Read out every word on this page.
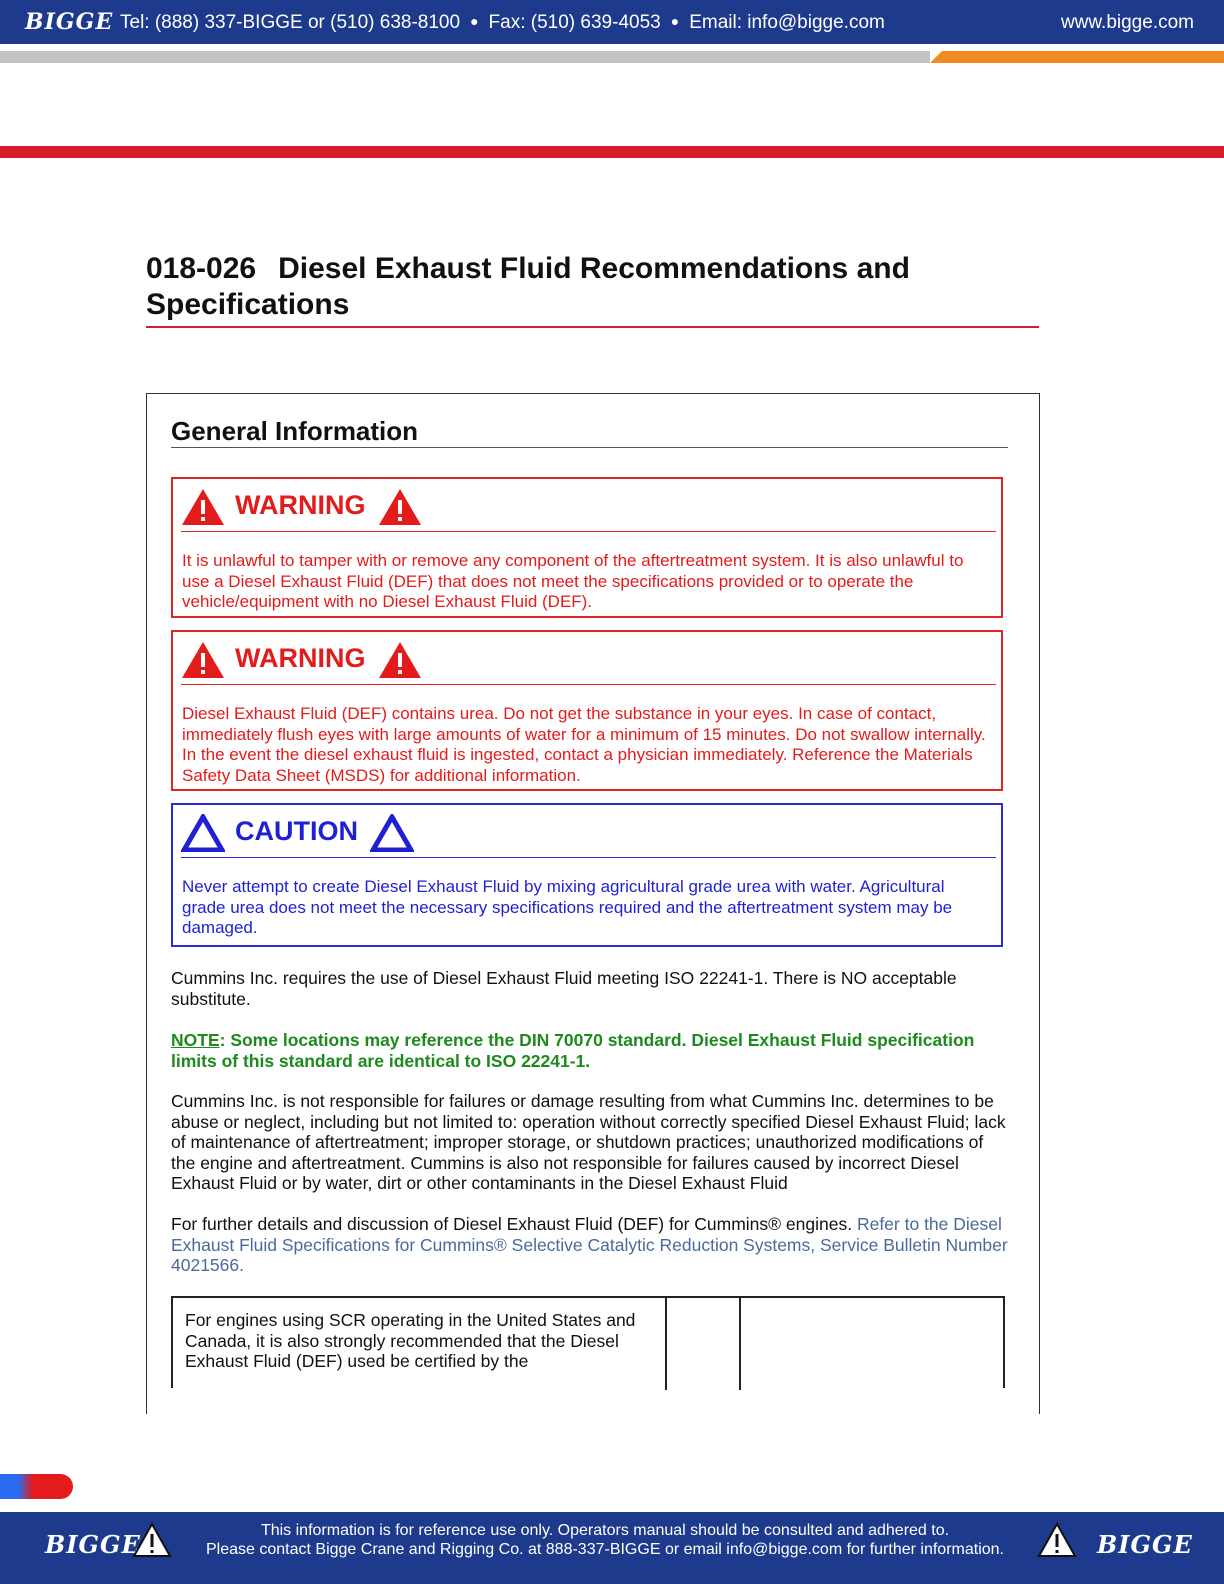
BIGGE Tel: (888) 337-BIGGE or (510) 638-8100 ● Fax: (510) 639-4053 ● Email: info@bigge.com	www.bigge.com
018-026 Diesel Exhaust Fluid Recommendations and Specifications
General Information
WARNING
It is unlawful to tamper with or remove any component of the aftertreatment system. It is also unlawful to use a Diesel Exhaust Fluid (DEF) that does not meet the specifications provided or to operate the vehicle/equipment with no Diesel Exhaust Fluid (DEF).
WARNING
Diesel Exhaust Fluid (DEF) contains urea. Do not get the substance in your eyes. In case of contact, immediately flush eyes with large amounts of water for a minimum of 15 minutes. Do not swallow internally. In the event the diesel exhaust fluid is ingested, contact a physician immediately. Reference the Materials Safety Data Sheet (MSDS) for additional information.
CAUTION
Never attempt to create Diesel Exhaust Fluid by mixing agricultural grade urea with water. Agricultural grade urea does not meet the necessary specifications required and the aftertreatment system may be damaged.
Cummins Inc. requires the use of Diesel Exhaust Fluid meeting ISO 22241-1. There is NO acceptable substitute.
NOTE: Some locations may reference the DIN 70070 standard. Diesel Exhaust Fluid specification limits of this standard are identical to ISO 22241-1.
Cummins Inc. is not responsible for failures or damage resulting from what Cummins Inc. determines to be abuse or neglect, including but not limited to: operation without correctly specified Diesel Exhaust Fluid; lack of maintenance of aftertreatment; improper storage, or shutdown practices; unauthorized modifications of the engine and aftertreatment. Cummins is also not responsible for failures caused by incorrect Diesel Exhaust Fluid or by water, dirt or other contaminants in the Diesel Exhaust Fluid
For further details and discussion of Diesel Exhaust Fluid (DEF) for Cummins® engines. Refer to the Diesel Exhaust Fluid Specifications for Cummins® Selective Catalytic Reduction Systems, Service Bulletin Number 4021566.
For engines using SCR operating in the United States and Canada, it is also strongly recommended that the Diesel Exhaust Fluid (DEF) used be certified by the
BIGGE	This information is for reference use only. Operators manual should be consulted and adhered to.
Please contact Bigge Crane and Rigging Co. at 888-337-BIGGE or email info@bigge.com for further information.	BIGGE
